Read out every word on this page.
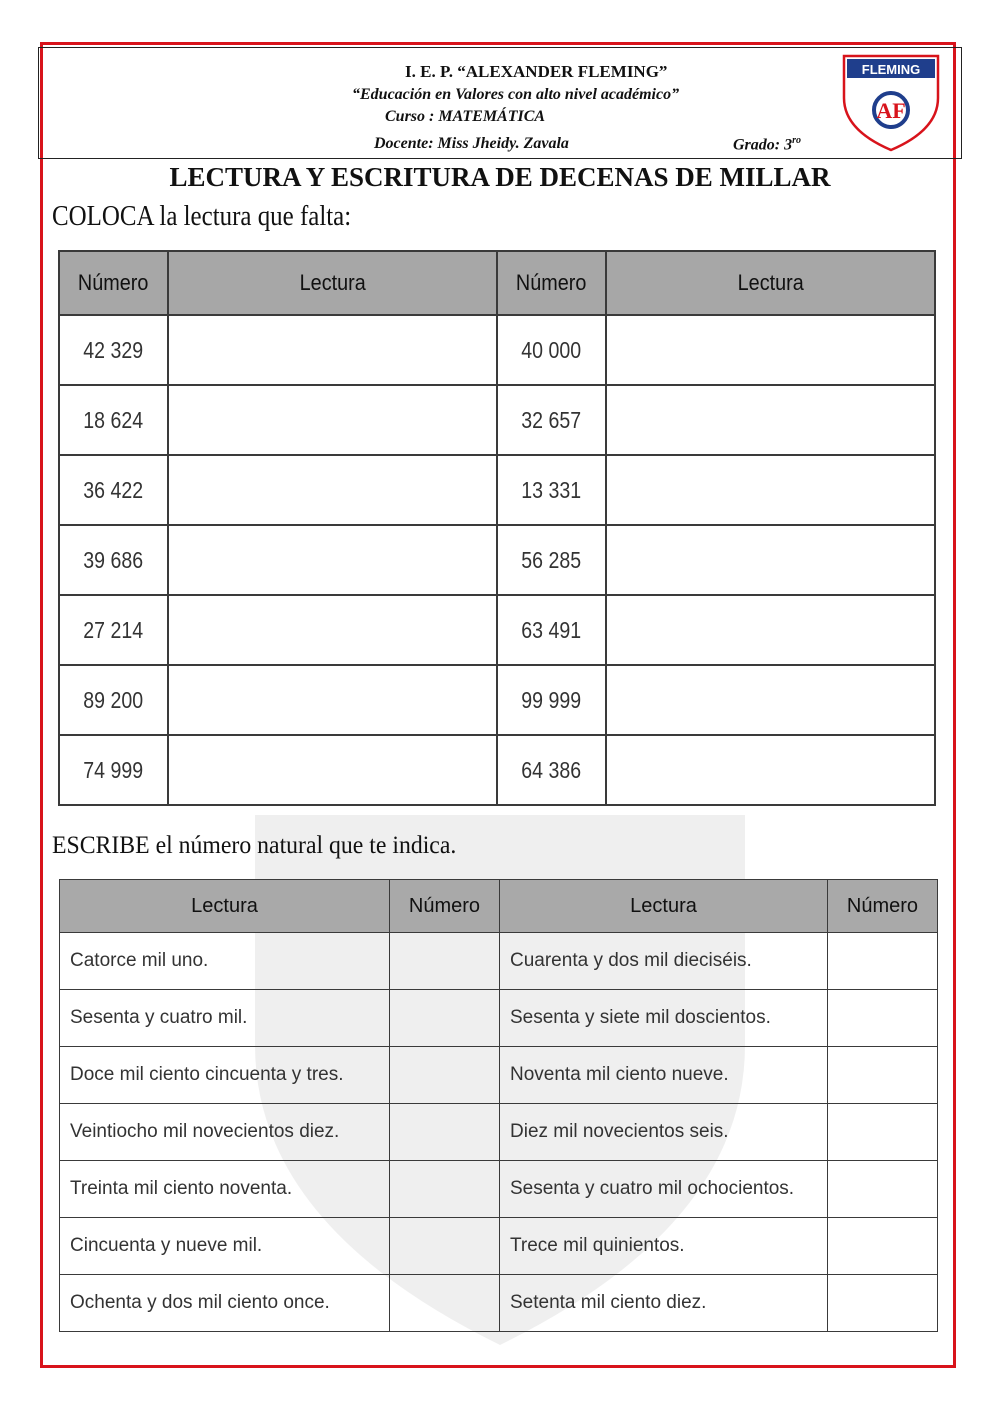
I. E. P. “ALEXANDER FLEMING”
“Educación en Valores con alto nivel académico”
Curso : MATEMÁTICA
Docente: Miss Jheidy. Zavala	Grado: $3^{ro}$
FLEMING
AF
LECTURA Y ESCRITURA DE DECENAS DE MILLAR
COLOCA la lectura que falta:
Número	Lectura	Número	Lectura
42 329		40 000	
18 624		32 657	
36 422		13 331	
39 686		56 285	
27 214		63 491	
89 200		99 999	
74 999		64 386	
ESCRIBE el número natural que te indica.
Lectura	Número	Lectura	Número
Catorce mil uno.		Cuarenta y dos mil dieciséis.	
Sesenta y cuatro mil.		Sesenta y siete mil doscientos.	
Doce mil ciento cincuenta y tres.		Noventa mil ciento nueve.	
Veintiocho mil novecientos diez.		Diez mil novecientos seis.	
Treinta mil ciento noventa.		Sesenta y cuatro mil ochocientos.	
Cincuenta y nueve mil.		Trece mil quinientos.	
Ochenta y dos mil ciento once.		Setenta mil ciento diez.	
